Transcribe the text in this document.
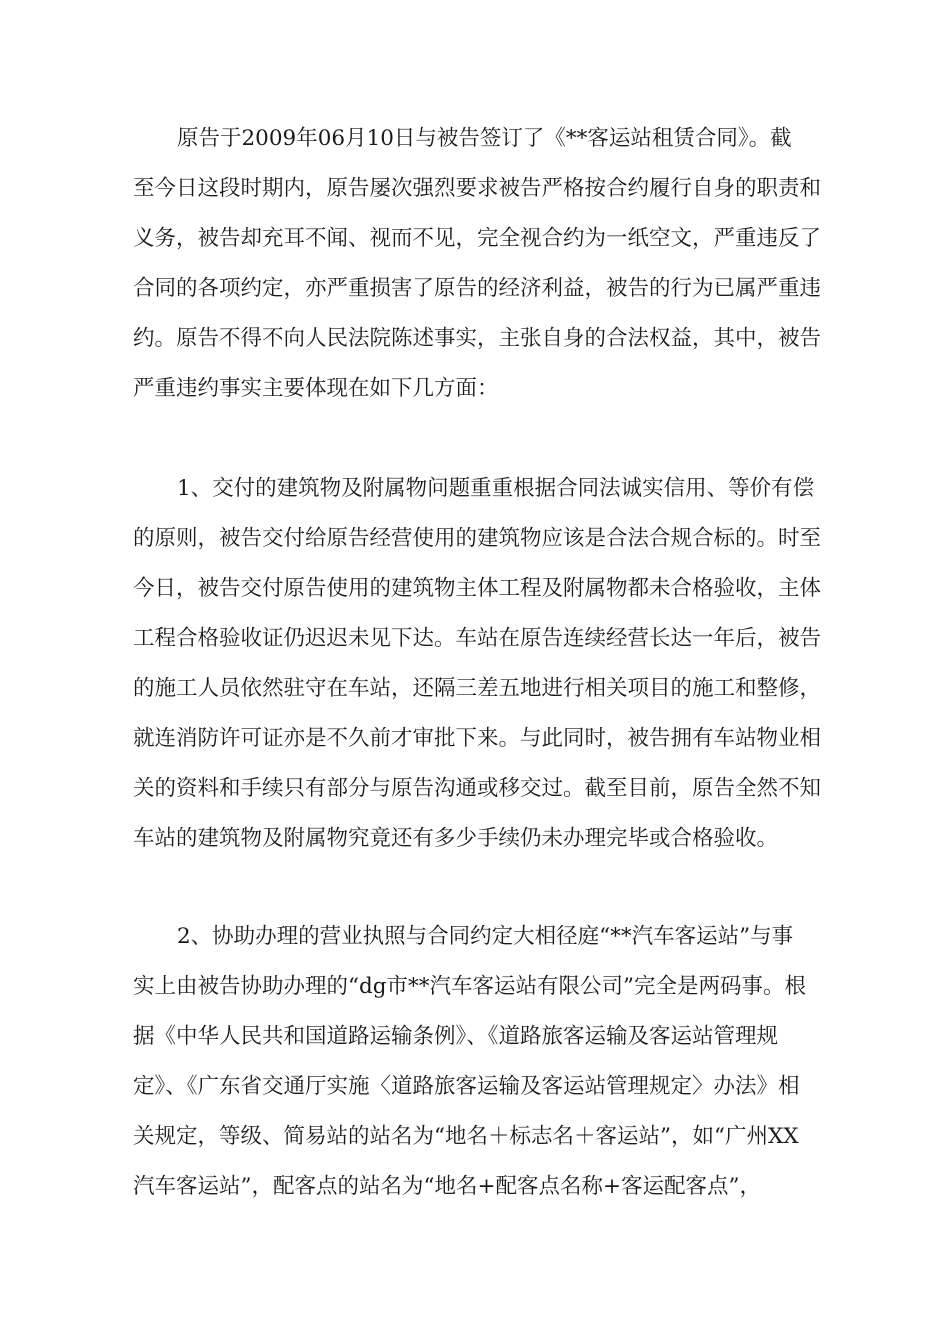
原告于2009年06月10日与被告签订了《**客运站租赁合同》。截
至今日这段时期内，原告屡次强烈要求被告严格按合约履行自身的职责和
义务，被告却充耳不闻、视而不见，完全视合约为一纸空文，严重违反了
合同的各项约定，亦严重损害了原告的经济利益，被告的行为已属严重违
约。原告不得不向人民法院陈述事实，主张自身的合法权益，其中，被告
严重违约事实主要体现在如下几方面：
1、交付的建筑物及附属物问题重重根据合同法诚实信用、等价有偿
的原则，被告交付给原告经营使用的建筑物应该是合法合规合标的。时至
今日，被告交付原告使用的建筑物主体工程及附属物都未合格验收，主体
工程合格验收证仍迟迟未见下达。车站在原告连续经营长达一年后，被告
的施工人员依然驻守在车站，还隔三差五地进行相关项目的施工和整修，
就连消防许可证亦是不久前才审批下来。与此同时，被告拥有车站物业相
关的资料和手续只有部分与原告沟通或移交过。截至目前，原告全然不知
车站的建筑物及附属物究竟还有多少手续仍未办理完毕或合格验收。
2、协助办理的营业执照与合同约定大相径庭“**汽车客运站”与事
实上由被告协助办理的“dg市**汽车客运站有限公司”完全是两码事。根
据《中华人民共和国道路运输条例》、《道路旅客运输及客运站管理规
定》、《广东省交通厅实施〈道路旅客运输及客运站管理规定〉办法》相
关规定，等级、简易站的站名为“地名＋标志名＋客运站”，如“广州XX
汽车客运站”，配客点的站名为“地名+配客点名称+客运配客点”，
